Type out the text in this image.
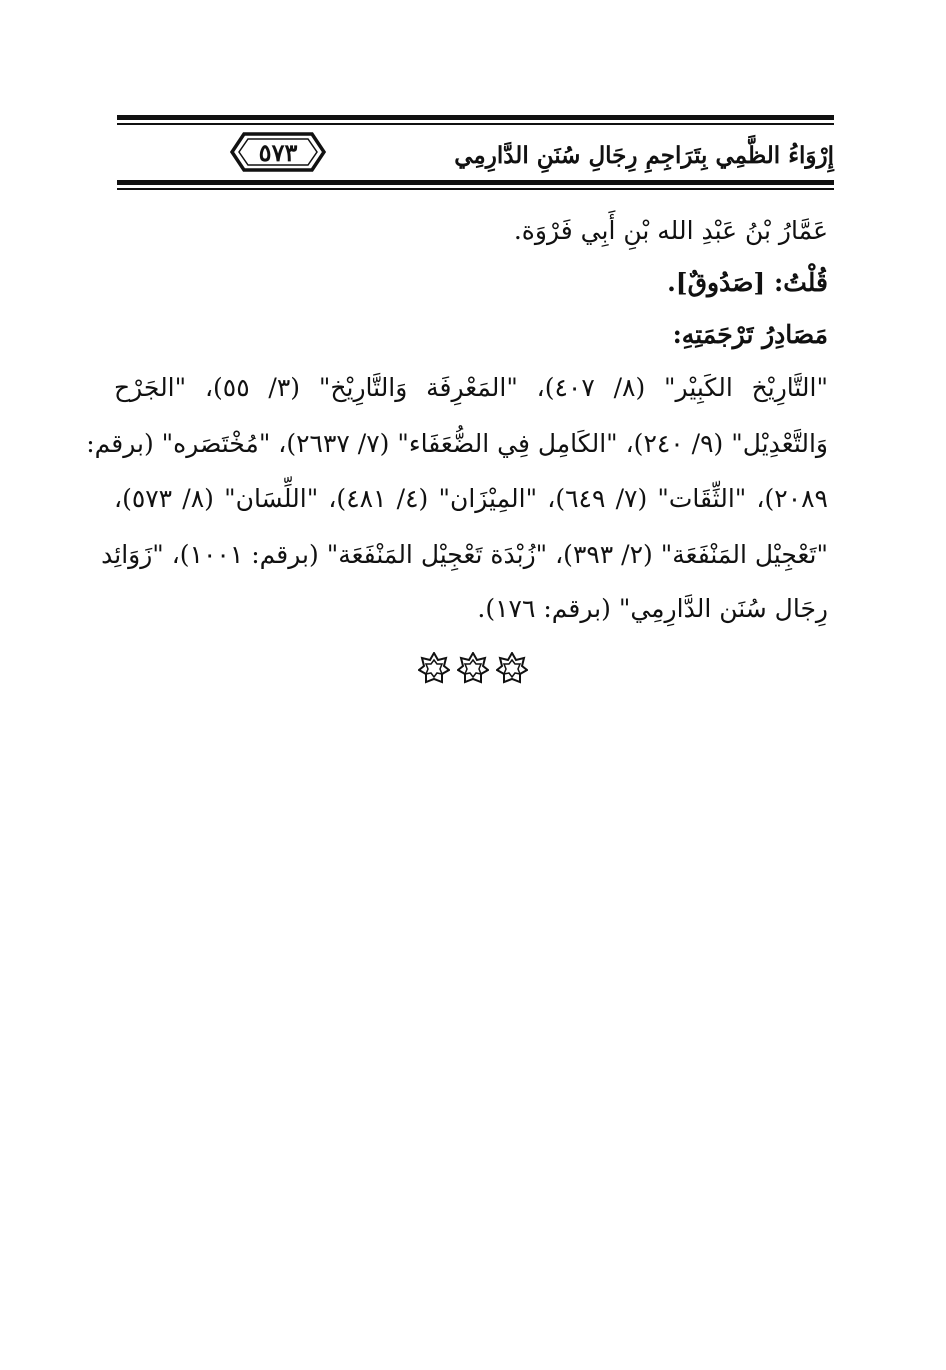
إِرْوَاءُ الظَّمِي بِتَرَاجِمِ رِجَالِ سُنَنِ الدَّارِمِي
٥٧٣
عَمَّارُ بْنُ عَبْدِ الله بْنِ أَبِي فَرْوَة.
قُلْتُ: [صَدُوقٌ].
مَصَادِرُ تَرْجَمَتِهِ:
"التَّارِيْخ الكَبِيْر" (٨/ ٤٠٧)، "المَعْرِفَة وَالتَّارِيْخ" (٣/ ٥٥)، "الجَرْح
وَالتَّعْدِيْل" (٩/ ٢٤٠)، "الكَامِل فِي الضُّعَفَاء" (٧/ ٢٦٣٧)، "مُخْتَصَره" (برقم:
٢٠٨٩)، "الثِّقَات" (٧/ ٦٤٩)، "المِيْزَان" (٤/ ٤٨١)، "اللِّسَان" (٨/ ٥٧٣)،
"تَعْجِيْل المَنْفَعَة" (٢/ ٣٩٣)، "زُبْدَة تَعْجِيْل المَنْفَعَة" (برقم: ١٠٠١)، "زَوَائِد
رِجَال سُنَن الدَّارِمِي" (برقم: ١٧٦).
